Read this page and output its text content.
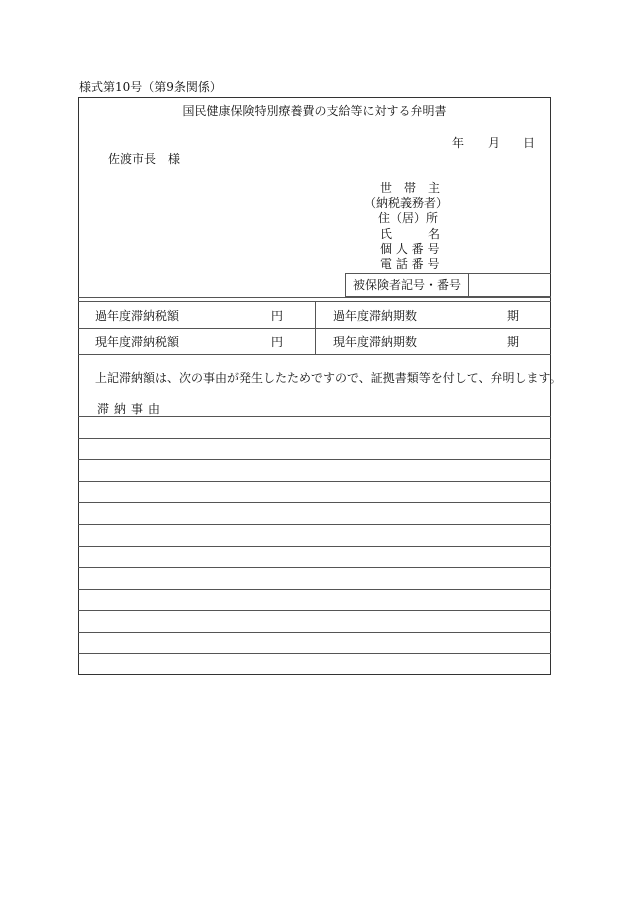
様式第10号（第9条関係）
国民健康保険特別療養費の支給等に対する弁明書
年 月 日
佐渡市長　様
世　帯　主
（納税義務者）
住（居）所
氏　　　名
個 人 番 号
電 話 番 号
被保険者記号・番号
過年度滞納税額	円	過年度滞納期数	期
現年度滞納税額	円	現年度滞納期数	期
上記滞納額は、次の事由が発生したためですので、証拠書類等を付して、弁明します。
滞納事由
